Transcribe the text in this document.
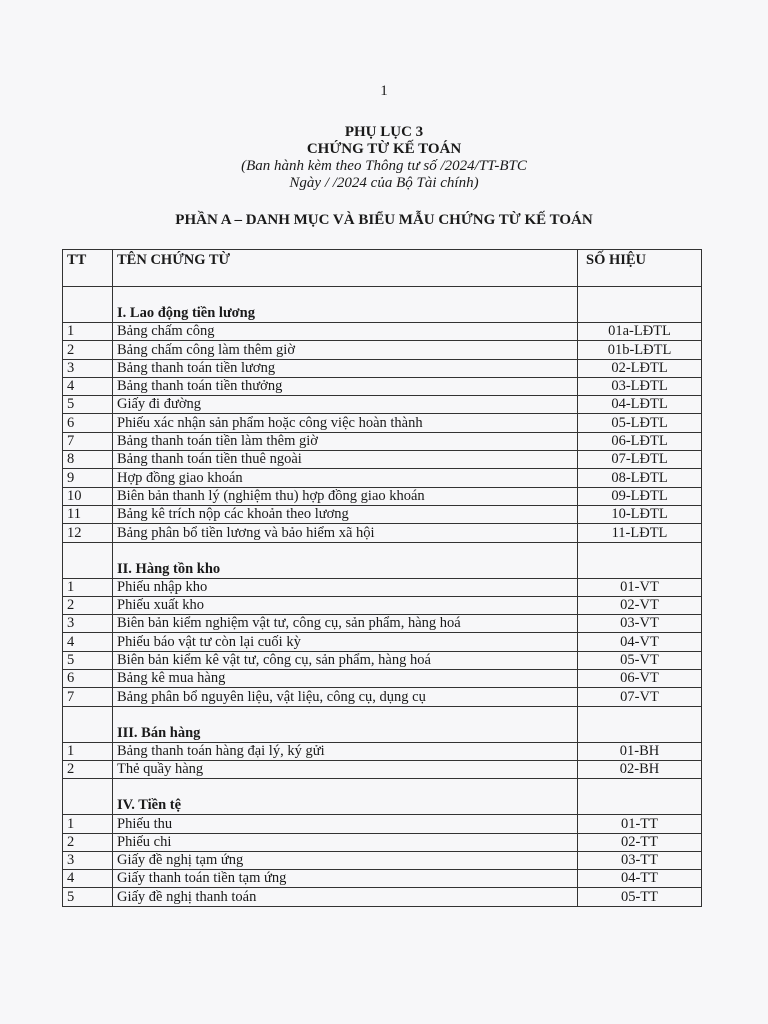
1
PHỤ LỤC 3
CHỨNG TỪ KẾ TOÁN
(Ban hành kèm theo Thông tư số /2024/TT-BTC
Ngày / /2024 của Bộ Tài chính)
PHẦN A – DANH MỤC VÀ BIỂU MẪU CHỨNG TỪ KẾ TOÁN
TT	TÊN CHỨNG TỪ	SỐ HIỆU
	I. Lao động tiền lương	
1	Bảng chấm công	01a-LĐTL
2	Bảng chấm công làm thêm giờ	01b-LĐTL
3	Bảng thanh toán tiền lương	02-LĐTL
4	Bảng thanh toán tiền thưởng	03-LĐTL
5	Giấy đi đường	04-LĐTL
6	Phiếu xác nhận sản phẩm hoặc công việc hoàn thành	05-LĐTL
7	Bảng thanh toán tiền làm thêm giờ	06-LĐTL
8	Bảng thanh toán tiền thuê ngoài	07-LĐTL
9	Hợp đồng giao khoán	08-LĐTL
10	Biên bản thanh lý (nghiệm thu) hợp đồng giao khoán	09-LĐTL
11	Bảng kê trích nộp các khoản theo lương	10-LĐTL
12	Bảng phân bổ tiền lương và bảo hiểm xã hội	11-LĐTL
	II. Hàng tồn kho	
1	Phiếu nhập kho	01-VT
2	Phiếu xuất kho	02-VT
3	Biên bản kiểm nghiệm vật tư, công cụ, sản phẩm, hàng hoá	03-VT
4	Phiếu báo vật tư còn lại cuối kỳ	04-VT
5	Biên bản kiểm kê vật tư, công cụ, sản phẩm, hàng hoá	05-VT
6	Bảng kê mua hàng	06-VT
7	Bảng phân bổ nguyên liệu, vật liệu, công cụ, dụng cụ	07-VT
	III. Bán hàng	
1	Bảng thanh toán hàng đại lý, ký gửi	01-BH
2	Thẻ quầy hàng	02-BH
	IV. Tiền tệ	
1	Phiếu thu	01-TT
2	Phiếu chi	02-TT
3	Giấy đề nghị tạm ứng	03-TT
4	Giấy thanh toán tiền tạm ứng	04-TT
5	Giấy đề nghị thanh toán	05-TT
